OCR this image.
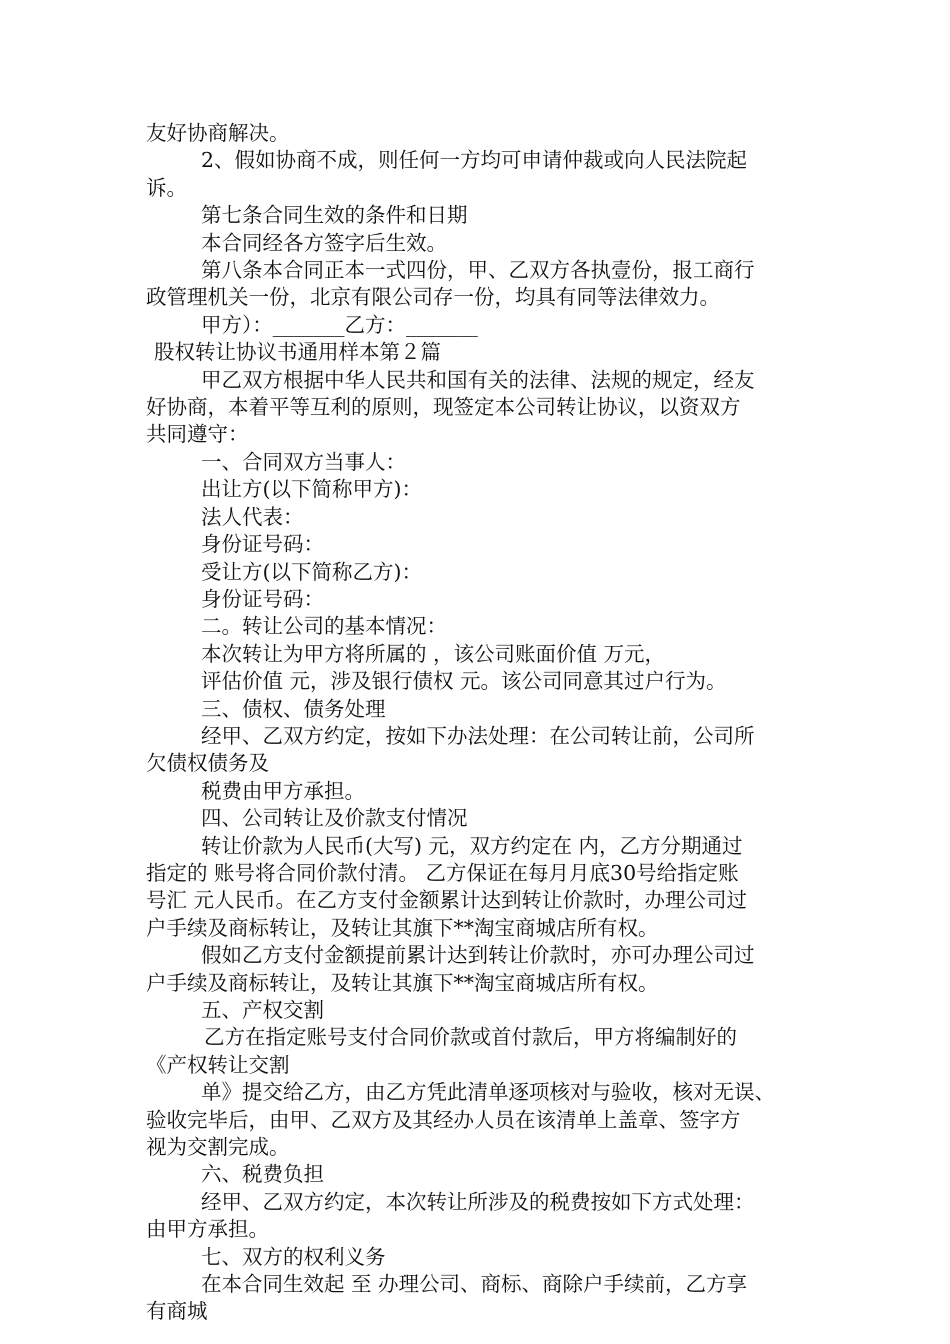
友好协商解决。

2、假如协商不成，则任何一方均可申请仲裁或向人民法院起

诉。

第七条合同生效的条件和日期

本合同经各方签字后生效。

第八条本合同正本一式四份，甲、乙双方各执壹份，报工商行

政管理机关一份，北京有限公司存一份，均具有同等法律效力。

甲方）：_______乙方：_______

股权转让协议书通用样本第２篇

甲乙双方根据中华人民共和国有关的法律、法规的规定，经友

好协商，本着平等互利的原则，现签定本公司转让协议，以资双方

共同遵守：

一、合同双方当事人：

出让方(以下简称甲方)：

法人代表：

身份证号码：

受让方(以下简称乙方)：

身份证号码：

二。转让公司的基本情况：

本次转让为甲方将所属的 ，该公司账面价值 万元，

评估价值 元，涉及银行债权 元。该公司同意其过户行为。

三、债权、债务处理

经甲、乙双方约定，按如下办法处理：在公司转让前，公司所

欠债权债务及

税费由甲方承担。

四、公司转让及价款支付情况

转让价款为人民币(大写) 元，双方约定在 内，乙方分期通过

指定的 账号将合同价款付清。 乙方保证在每月月底30号给指定账

号汇 元人民币。在乙方支付金额累计达到转让价款时，办理公司过

户手续及商标转让，及转让其旗下**淘宝商城店所有权。

假如乙方支付金额提前累计达到转让价款时，亦可办理公司过

户手续及商标转让，及转让其旗下**淘宝商城店所有权。

五、产权交割

乙方在指定账号支付合同价款或首付款后，甲方将编制好的

《产权转让交割

单》提交给乙方，由乙方凭此清单逐项核对与验收，核对无误、

验收完毕后，由甲、乙双方及其经办人员在该清单上盖章、签字方

视为交割完成。

六、税费负担

经甲、乙双方约定，本次转让所涉及的税费按如下方式处理：

由甲方承担。

七、双方的权利义务

在本合同生效起 至 办理公司、商标、商除户手续前，乙方享

有商城
